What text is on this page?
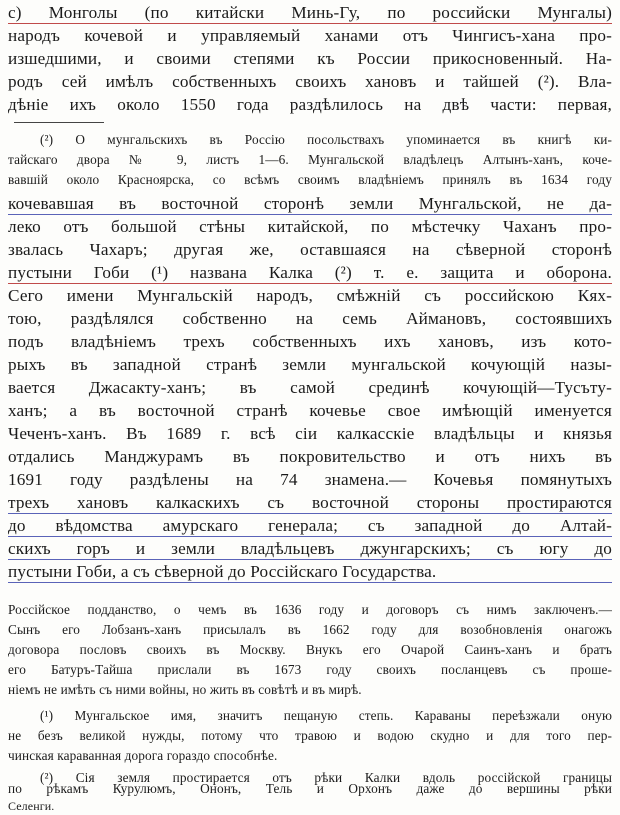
с) Монголы (по китайски Минь-Гу, по российски Мунгалы)
народъ кочевой и управляемый ханами отъ Чингисъ-хана про-
изшедшими, и своими степями къ России прикосновенный. На-
родъ сей имѣлъ собственныхъ своихъ хановъ и тайшей (²). Вла-
дѣніе ихъ около 1550 года раздѣлилось на двѣ части: первая,
(²) О мунгальскихъ въ Россію посольствахъ упоминается въ книгѣ ки-
тайскаго двора № 9, листъ 1—6. Мунгальской владѣлецъ Алтынъ-ханъ, коче-
вавшій около Красноярска, со всѣмъ своимъ владѣніемъ принялъ въ 1634 году
кочевавшая въ восточной сторонѣ земли Мунгальской, не да-
леко отъ большой стѣны китайской, по мѣстечку Чаханъ про-
звалась Чахаръ; другая же, оставшаяся на сѣверной сторонѣ
пустыни Гоби (¹) названа Калка (²) т. е. защита и оборона.
Сего имени Мунгальскій народъ, смѣжній съ российскою Кях-
тою, раздѣлялся собственно на семь Аймановъ, состоявшихъ
подъ владѣніемъ трехъ собственныхъ ихъ хановъ, изъ кото-
рыхъ въ западной странѣ земли мунгальской кочующій назы-
вается Джасакту-ханъ; въ самой срединѣ кочующій—Тусъту-
ханъ; а въ восточной странѣ кочевье свое имѣющій именуется
Чеченъ-ханъ. Въ 1689 г. всѣ сіи калкасскіе владѣльцы и князья
отдались Манджурамъ въ покровительство и отъ нихъ въ
1691 году раздѣлены на 74 знамена.— Кочевья помянутыхъ
трехъ хановъ калкаскихъ съ восточной стороны простираются
до вѣдомства амурскаго генерала; съ западной до Алтай-
скихъ горъ и земли владѣльцевъ джунгарскихъ; съ югу до
пустыни Гоби, а съ сѣверной до Россійскаго Государства.
Россійское подданство, о чемъ въ 1636 году и договоръ съ нимъ заключенъ.—
Сынъ его Лобзанъ-ханъ присылалъ въ 1662 году для возобновленія онагожъ
договора пословъ своихъ въ Москву. Внукъ его Очарой Саинъ-ханъ и братъ
его Батуръ-Тайша прислали въ 1673 году своихъ посланцевъ съ проше-
ніемъ не имѣть съ ними войны, но жить въ совѣтѣ и въ мирѣ.
(¹) Мунгальское имя, значитъ пещаную степь. Караваны переѣзжали оную
не безъ великой нужды, потому что травою и водою скудно и для того пер-
чинская караванная дорога гораздо способнѣе.
(²) Сія земля простирается отъ рѣки Калки вдоль россійской границы
по рѣкамъ Курулюмъ, Ононъ, Тель и Орхонъ даже до вершины рѣки
Селенги.
